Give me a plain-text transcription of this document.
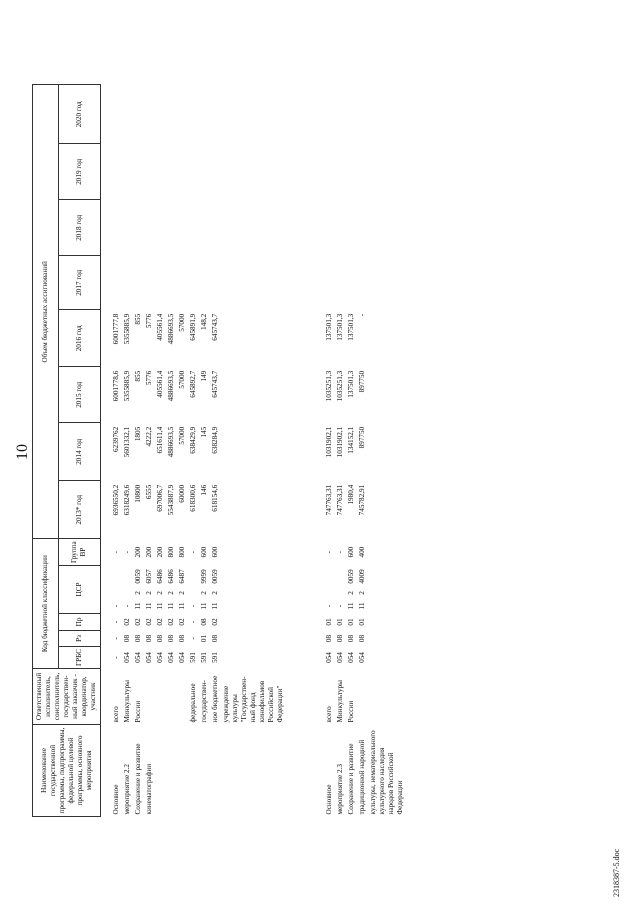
10
Наименование государственной программы, подпрограммы, федеральной целевой программы, основного мероприятия	Ответственный исполнитель, соисполнитель, государствен-ный заказчик - координатор, участник	Код бюджетной классификации							Объем бюджетных ассигнований							
		ГРБС	Рз	Пр	ЦСР			Группа ВР	2013* год	2014 год	2015 год	2016 год	2017 год	2018 год	2019 год	2020 год

Основное	всего	-	-	-	-			-	6936550,2	6239762	6001778,6	6001777,8				
мероприятие 2.2	Минкультуры	054	08	02	-			-	6318249,6	5601332,1	5355885,9	5355885,9				
Сохранение и развитие	России	054	08	02	11	2	0059	200	10800	1805	855	855				
кинематографии		054	08	02	11	2	6057	200	6555	4222,2	5776	5776				
		054	08	02	11	2	6486	200	697006,7	651611,4	405561,4	405561,4				
		054	08	02	11	2	6486	800	5543887,9	4886693,5	4886693,5	4886693,5				
		054	08	02	11	2	6487	800	60000	57000	57000	57000				
	федеральное	591	-	-	-			-	618300,6	638429,9	645892,7	645891,9				
	государствен-	591	01	08	11	2	9999	600	146	145	149	148,2				
	ное бюджетное	591	08	02	11	2	0059	600	618154,6	638284,9	645743,7	645743,7				
	учреждение культуры "Государствен-ный фонд кинофильмов Российской Федерации"															

Основное	всего	054	08	01	-			-	747763,31	1031902,1	1035251,3	137501,3				
мероприятие 2.3	Минкультуры	054	08	01	-			-	747763,31	1031902,1	1035251,3	137501,3				
Сохранение и развитие	России	054	08	01	11	2	0059	600	1980,4	134152,1	137501,3	137501,3				
традиционной народной		054	08	01	11	2	4009	400	745782,91	897750	897750	-				
культуры, нематериального культурного наследия народов Российской Федерации																
2318387-5.doc
